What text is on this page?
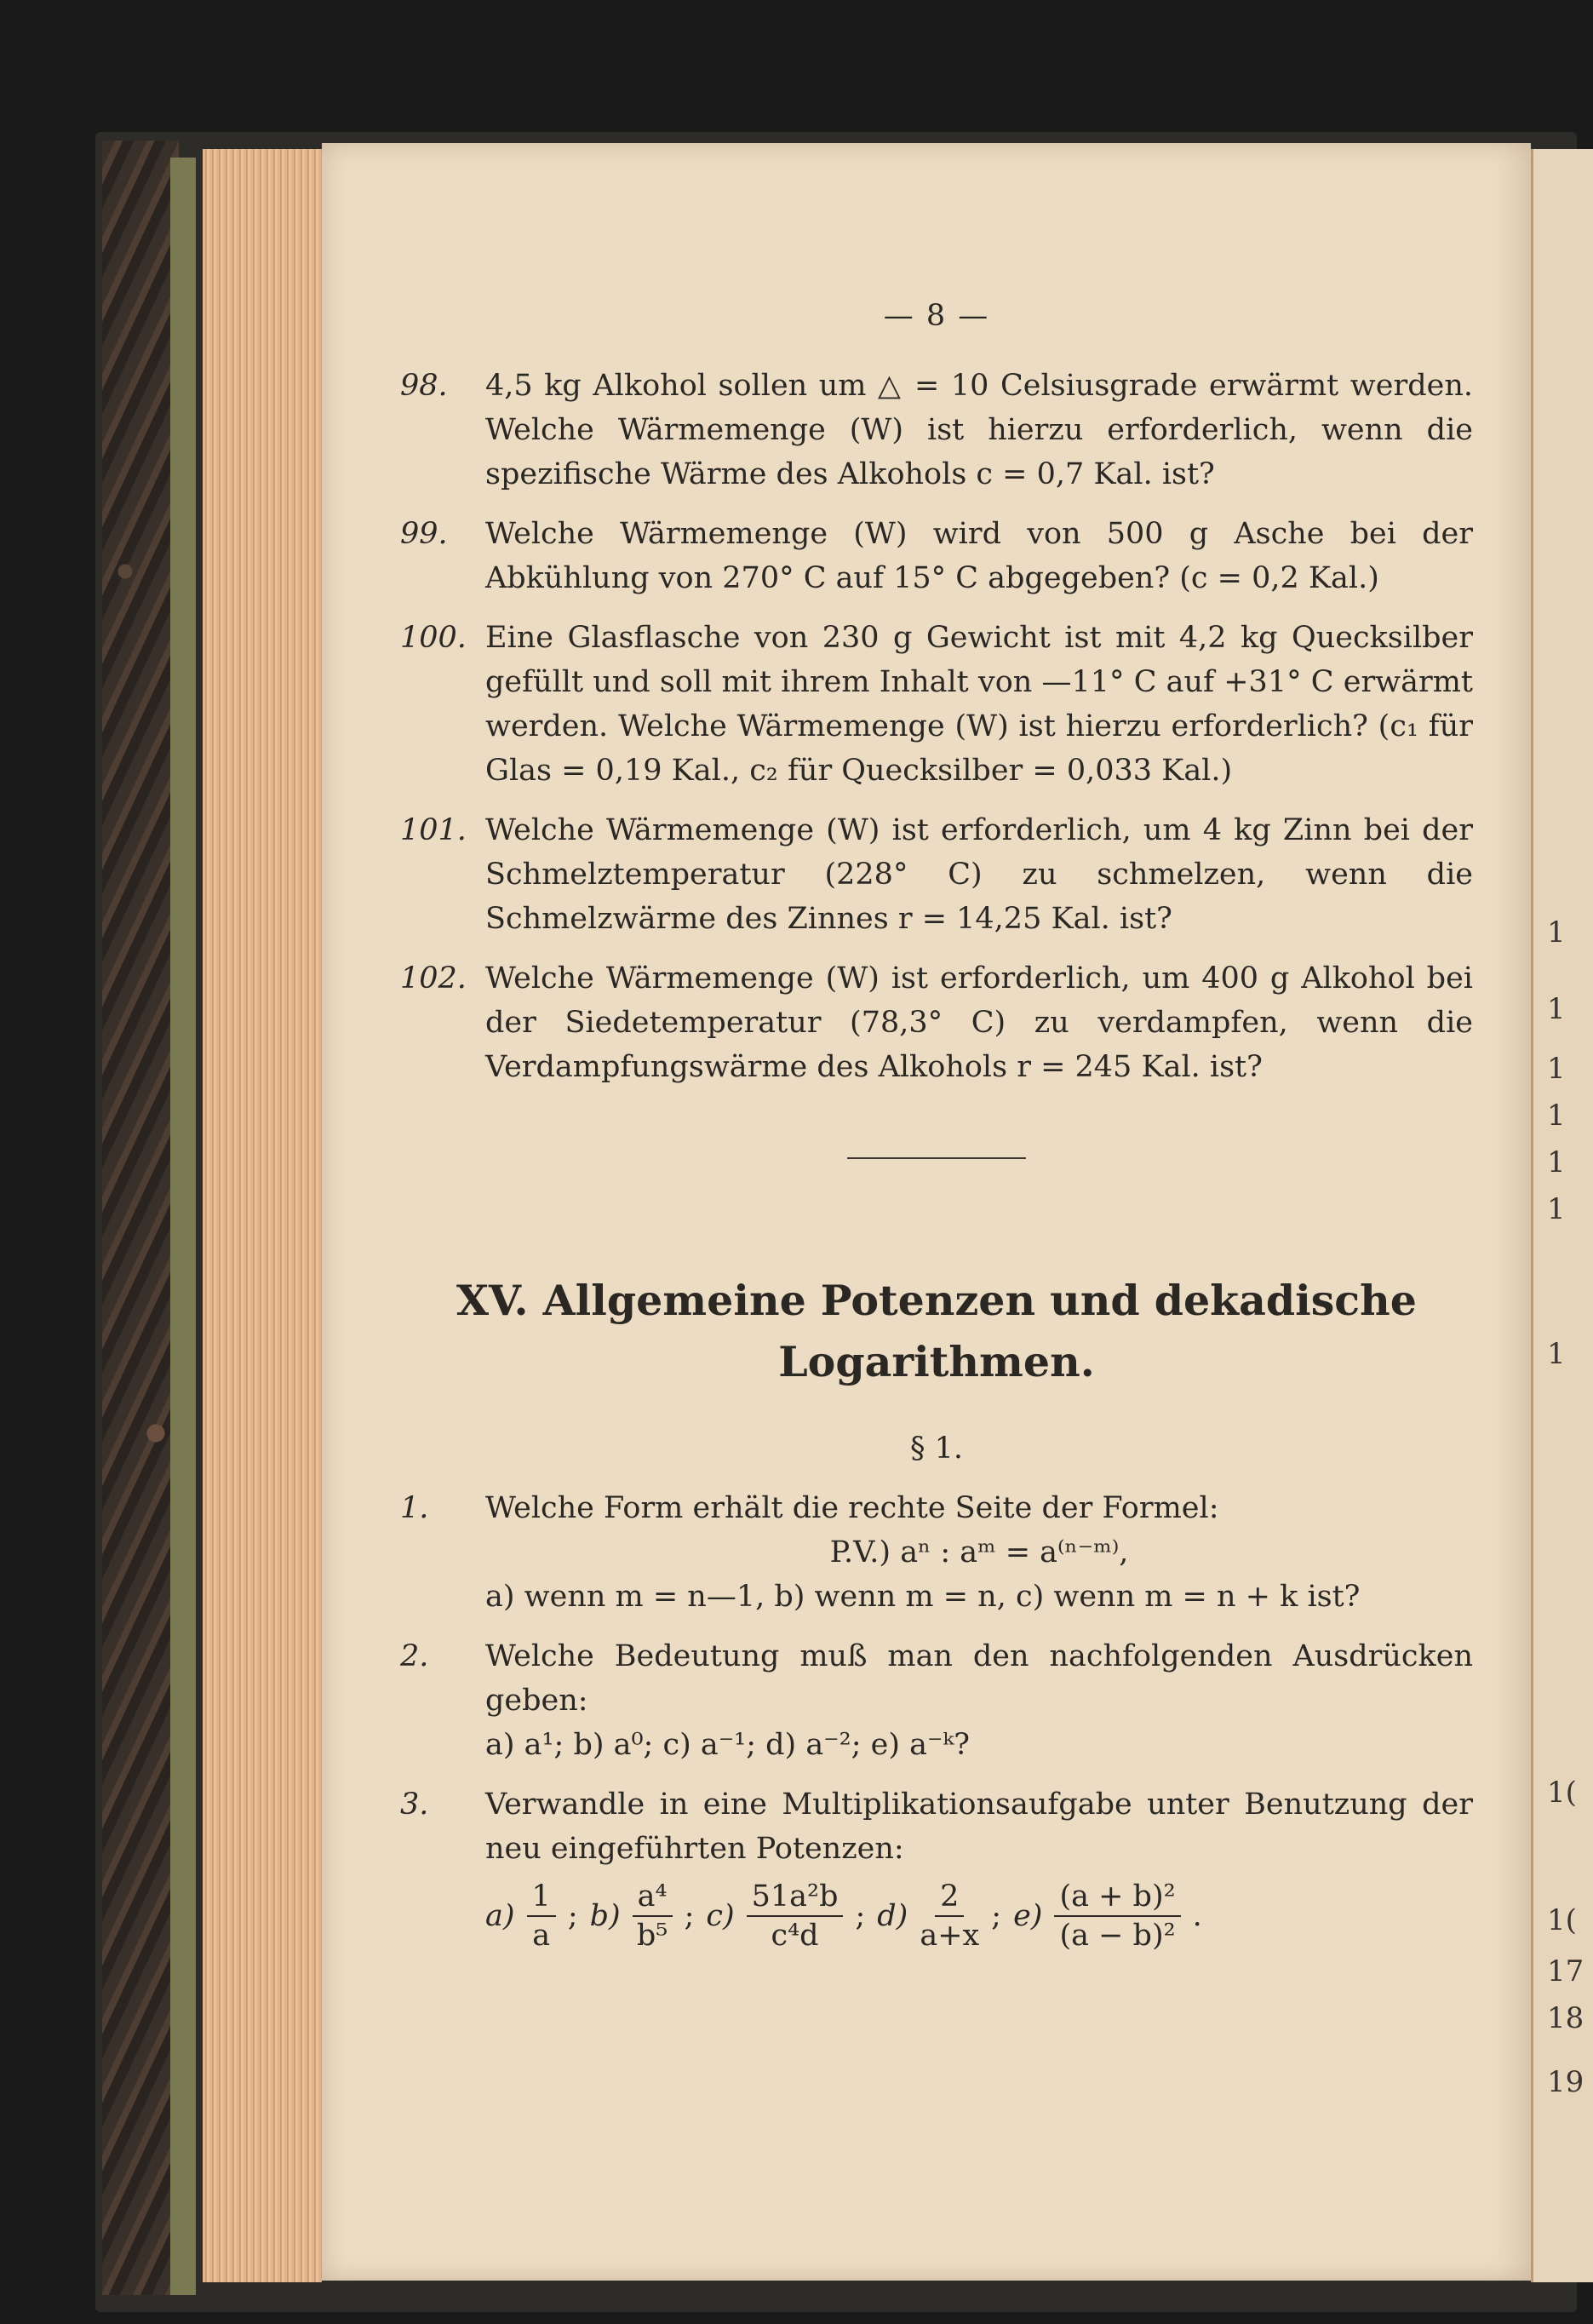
1
1
1
1
1
1
1
1(
1(
17
18
19
— 8 —
98.	4,5 kg Alkohol sollen um △ = 10 Celsiusgrade erwärmt werden. Welche Wärmemenge (W) ist hierzu erforderlich, wenn die spezifische Wärme des Alkohols c = 0,7 Kal. ist?
99.	Welche Wärmemenge (W) wird von 500 g Asche bei der Abkühlung von 270° C auf 15° C abgegeben? (c = 0,2 Kal.)
100. Eine Glasflasche von 230 g Gewicht ist mit 4,2 kg Quecksilber gefüllt und soll mit ihrem Inhalt von —11° C auf +31° C erwärmt werden. Welche Wärmemenge (W) ist hierzu erforderlich? (c₁ für Glas = 0,19 Kal., c₂ für Quecksilber = 0,033 Kal.)
101. Welche Wärmemenge (W) ist erforderlich, um 4 kg Zinn bei der Schmelztemperatur (228° C) zu schmelzen, wenn die Schmelzwärme des Zinnes r = 14,25 Kal. ist?
102. Welche Wärmemenge (W) ist erforderlich, um 400 g Alkohol bei der Siedetemperatur (78,3° C) zu verdampfen, wenn die Verdampfungswärme des Alkohols r = 245 Kal. ist?
XV. Allgemeine Potenzen und dekadische
Logarithmen.
§ 1.
1.	Welche Form erhält die rechte Seite der Formel:
P.V.) aⁿ : aᵐ = a⁽ⁿ⁻ᵐ⁾,
a) wenn m = n—1, b) wenn m = n, c) wenn m = n + k ist?
2.	Welche Bedeutung muß man den nachfolgenden Ausdrücken geben:
a) a¹; b) a⁰; c) a⁻¹; d) a⁻²; e) a⁻ᵏ?
3.	Verwandle in eine Multiplikationsaufgabe unter Benutzung der neu eingeführten Potenzen:
$a) \frac{1}{a}$ ; $b) \frac{\text{a⁴}}{\text{b⁵}}$ ; $c) \frac{\text{51a²b}}{\text{c⁴d}}$ ; $d) \frac{2}{a+x}$ ; $e) \frac{\text{(a + b)²}}{\text{(a − b)²}}$ .
